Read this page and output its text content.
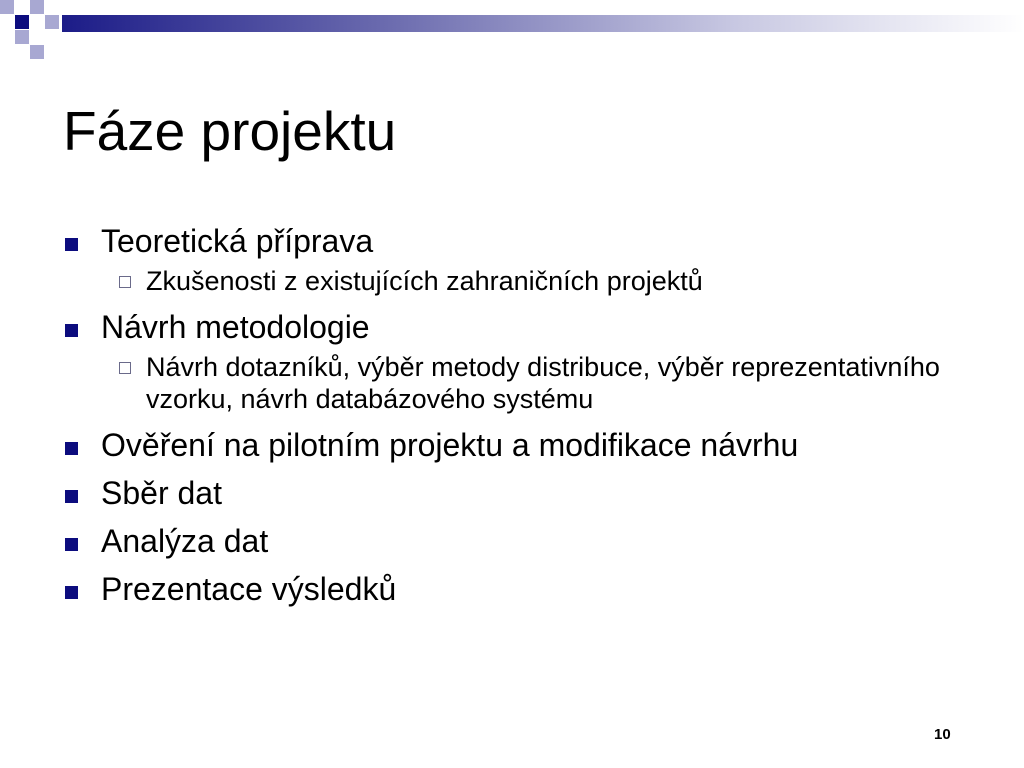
Fáze projektu
Teoretická příprava
Zkušenosti z existujících zahraničních projektů
Návrh metodologie
Návrh dotazníků, výběr metody distribuce, výběr reprezentativního vzorku, návrh databázového systému
Ověření na pilotním projektu a modifikace návrhu
Sběr dat
Analýza dat
Prezentace výsledků
10
